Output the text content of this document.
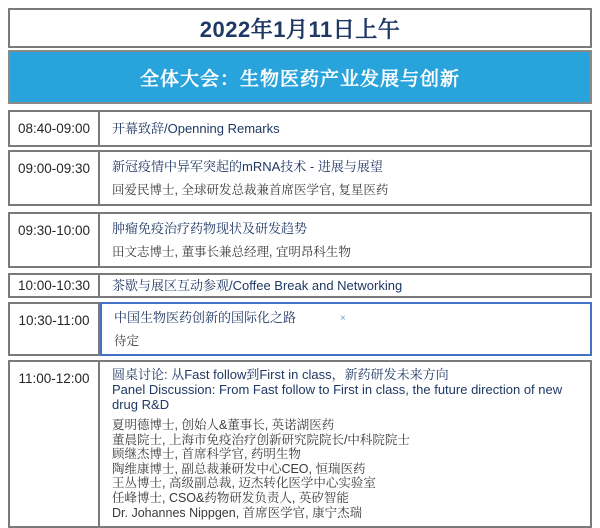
2022年1月11日上午
全体大会：生物医药产业发展与创新
08:40-09:00	开幕致辞/Openning Remarks
09:00-09:30	新冠疫情中异军突起的mRNA技术 - 进展与展望
回爱民博士, 全球研发总裁兼首席医学官, 复星医药
09:30-10:00	肿瘤免疫治疗药物现状及研发趋势
田文志博士, 董事长兼总经理, 宜明昂科生物
10:00-10:30	茶歇与展区互动参观/Coffee Break and Networking
10:30-11:00	中国生物医药创新的国际化之路	×
待定
11:00-12:00	圆桌讨论: 从Fast follow到First in class，新药研发未来方向
Panel Discussion: From Fast follow to First in class, the future direction of new drug R&D
夏明德博士, 创始人&董事长, 英诺湖医药
董晨院士, 上海市免疫治疗创新研究院院长/中科院院士
顾继杰博士, 首席科学官, 药明生物
陶维康博士, 副总裁兼研发中心CEO, 恒瑞医药
王丛博士, 高级副总裁, 迈杰转化医学中心实验室
任峰博士, CSO&药物研发负责人, 英矽智能
Dr. Johannes Nippgen, 首席医学官, 康宁杰瑞
